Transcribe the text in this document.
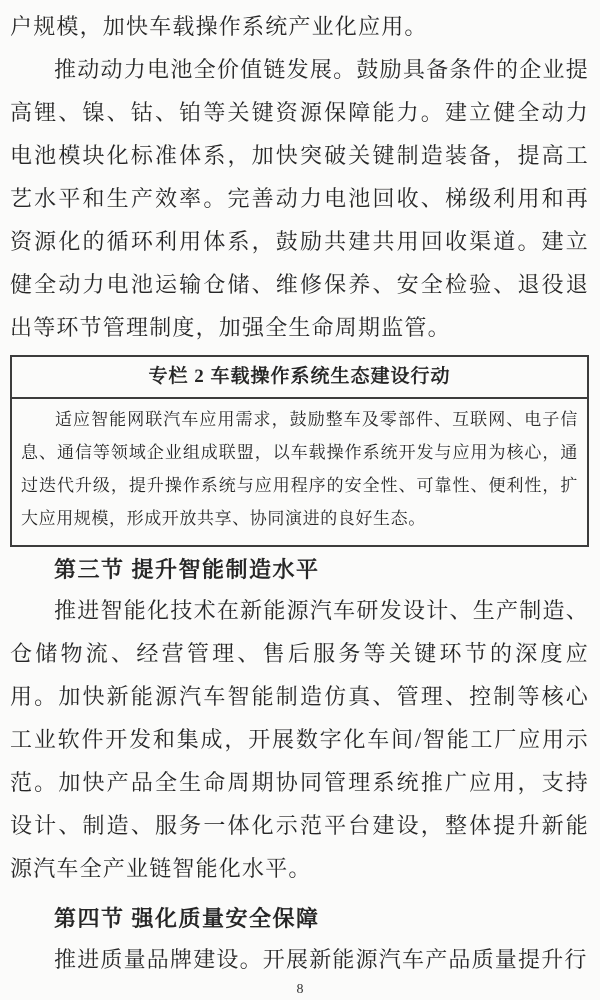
户规模，加快车载操作系统产业化应用。

推动动力电池全价值链发展。鼓励具备条件的企业提高锂、镍、钴、铂等关键资源保障能力。建立健全动力电池模块化标准体系，加快突破关键制造装备，提高工艺水平和生产效率。完善动力电池回收、梯级利用和再资源化的循环利用体系，鼓励共建共用回收渠道。建立健全动力电池运输仓储、维修保养、安全检验、退役退出等环节管理制度，加强全生命周期监管。

专栏 2 车载操作系统生态建设行动

适应智能网联汽车应用需求，鼓励整车及零部件、互联网、电子信息、通信等领域企业组成联盟，以车载操作系统开发与应用为核心，通过迭代升级，提升操作系统与应用程序的安全性、可靠性、便利性，扩大应用规模，形成开放共享、协同演进的良好生态。

第三节 提升智能制造水平

推进智能化技术在新能源汽车研发设计、生产制造、仓储物流、经营管理、售后服务等关键环节的深度应用。加快新能源汽车智能制造仿真、管理、控制等核心工业软件开发和集成，开展数字化车间/智能工厂应用示范。加快产品全生命周期协同管理系统推广应用，支持设计、制造、服务一体化示范平台建设，整体提升新能源汽车全产业链智能化水平。

第四节 强化质量安全保障

推进质量品牌建设。开展新能源汽车产品质量提升行

8
